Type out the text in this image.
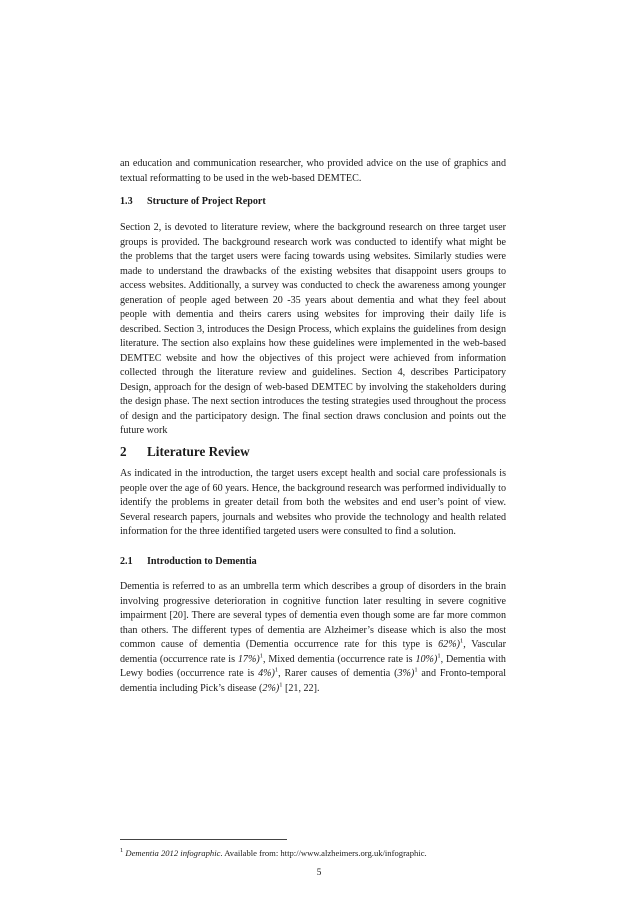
an education and communication researcher, who provided advice on the use of graphics and textual reformatting to be used in the web-based DEMTEC.

1.3 Structure of Project Report

Section 2, is devoted to literature review, where the background research on three target user groups is provided. The background research work was conducted to identify what might be the problems that the target users were facing towards using websites. Similarly studies were made to understand the drawbacks of the existing websites that disappoint users groups to access websites. Additionally, a survey was conducted to check the awareness among younger generation of people aged between 20 -35 years about dementia and what they feel about people with dementia and theirs carers using websites for improving their daily life is described. Section 3, introduces the Design Process, which explains the guidelines from design literature. The section also explains how these guidelines were implemented in the web-based DEMTEC website and how the objectives of this project were achieved from information collected through the literature review and guidelines. Section 4, describes Participatory Design, approach for the design of web-based DEMTEC by involving the stakeholders during the design phase. The next section introduces the testing strategies used throughout the process of design and the participatory design. The final section draws conclusion and points out the future work

2 Literature Review

As indicated in the introduction, the target users except health and social care professionals is people over the age of 60 years. Hence, the background research was performed individually to identify the problems in greater detail from both the websites and end user’s point of view. Several research papers, journals and websites who provide the technology and health related information for the three identified targeted users were consulted to find a solution.

2.1 Introduction to Dementia

Dementia is referred to as an umbrella term which describes a group of disorders in the brain involving progressive deterioration in cognitive function later resulting in severe cognitive impairment [20]. There are several types of dementia even though some are far more common than others. The different types of dementia are Alzheimer’s disease which is also the most common cause of dementia (Dementia occurrence rate for this type is 62%)$^1$, Vascular dementia (occurrence rate is 17%)$^1$, Mixed dementia (occurrence rate is 10%)$^1$, Dementia with Lewy bodies (occurrence rate is 4%)$^1$, Rarer causes of dementia $(3\%)^1$ and Fronto-temporal dementia including Pick’s disease $(2\%)^1$ [21, 22].

$^1$ Dementia 2012 infographic. Available from: http://www.alzheimers.org.uk/infographic.

5
